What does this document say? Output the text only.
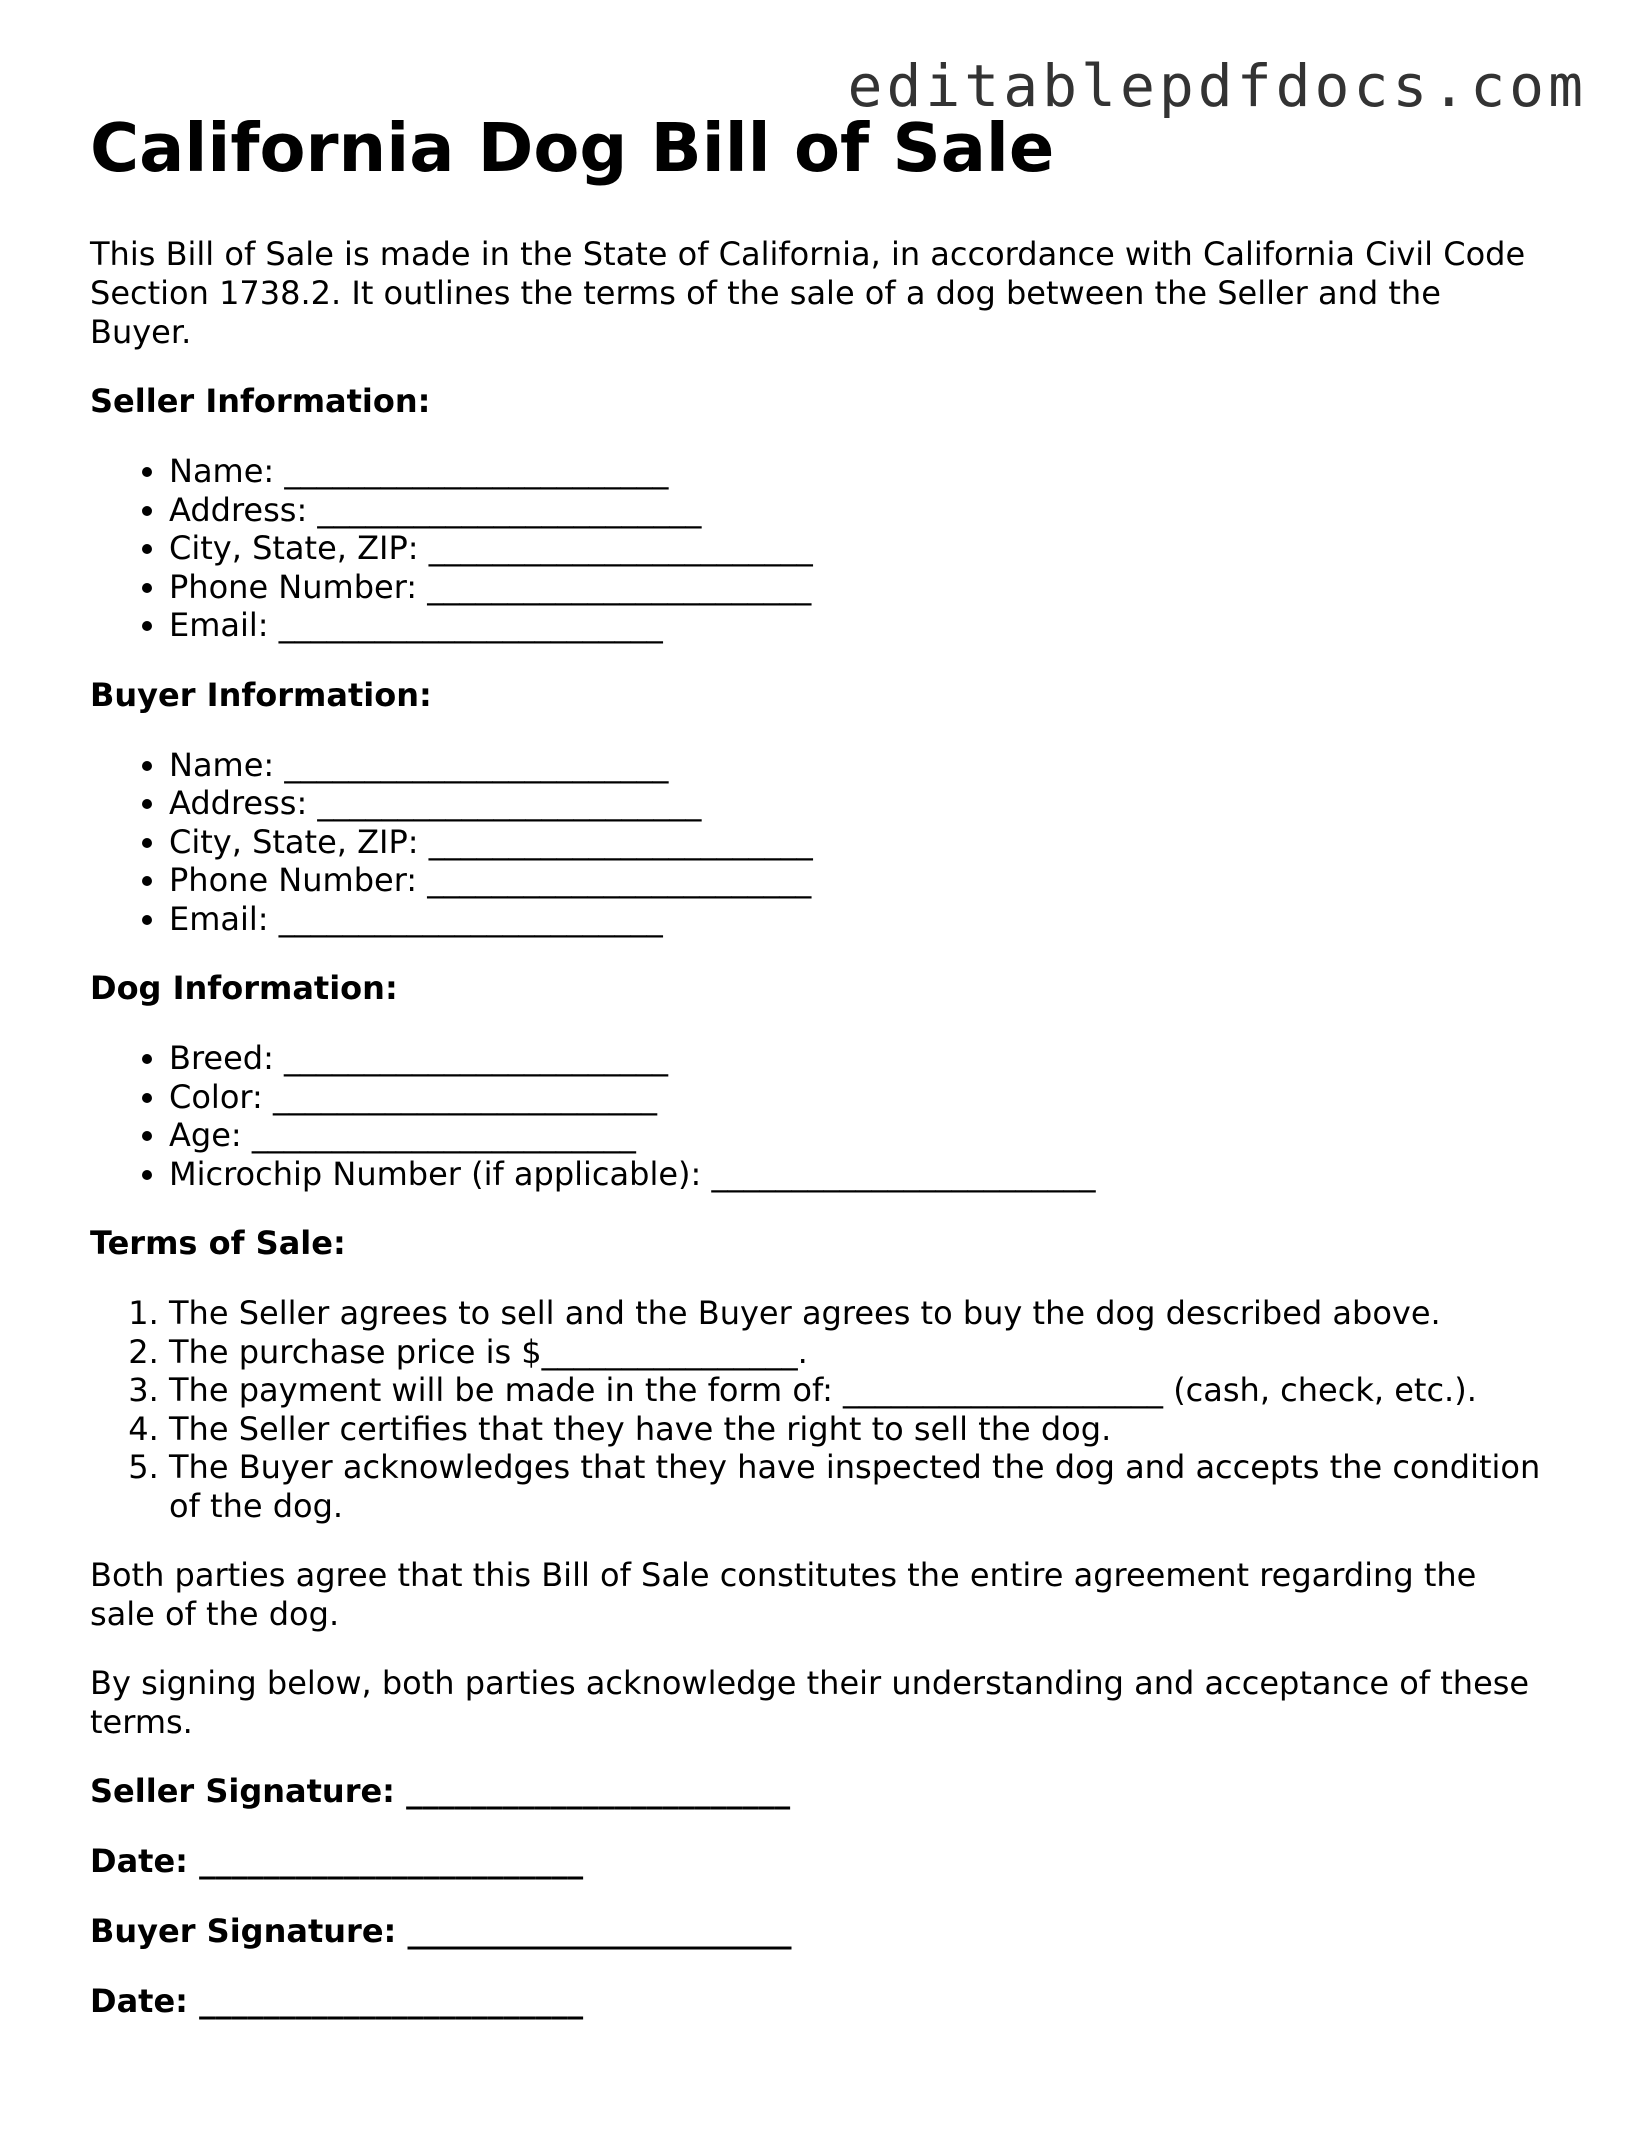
editablepdfdocs.com
California Dog Bill of Sale

This Bill of Sale is made in the State of California, in accordance with California Civil Code Section 1738.2. It outlines the terms of the sale of a dog between the Seller and the Buyer.

Seller Information:
• Name: ________________________
• Address: ________________________
• City, State, ZIP: ________________________
• Phone Number: ________________________
• Email: ________________________
Buyer Information:
• Name: ________________________
• Address: ________________________
• City, State, ZIP: ________________________
• Phone Number: ________________________
• Email: ________________________
Dog Information:
• Breed: ________________________
• Color: ________________________
• Age: ________________________
• Microchip Number (if applicable): ________________________
Terms of Sale:
1. The Seller agrees to sell and the Buyer agrees to buy the dog described above.
2. The purchase price is $________________.
3. The payment will be made in the form of: ____________________ (cash, check, etc.).
4. The Seller certifies that they have the right to sell the dog.
5. The Buyer acknowledges that they have inspected the dog and accepts the condition of the dog.

Both parties agree that this Bill of Sale constitutes the entire agreement regarding the sale of the dog.

By signing below, both parties acknowledge their understanding and acceptance of these terms.

Seller Signature: ________________________
Date: ________________________
Buyer Signature: ________________________
Date: ________________________
